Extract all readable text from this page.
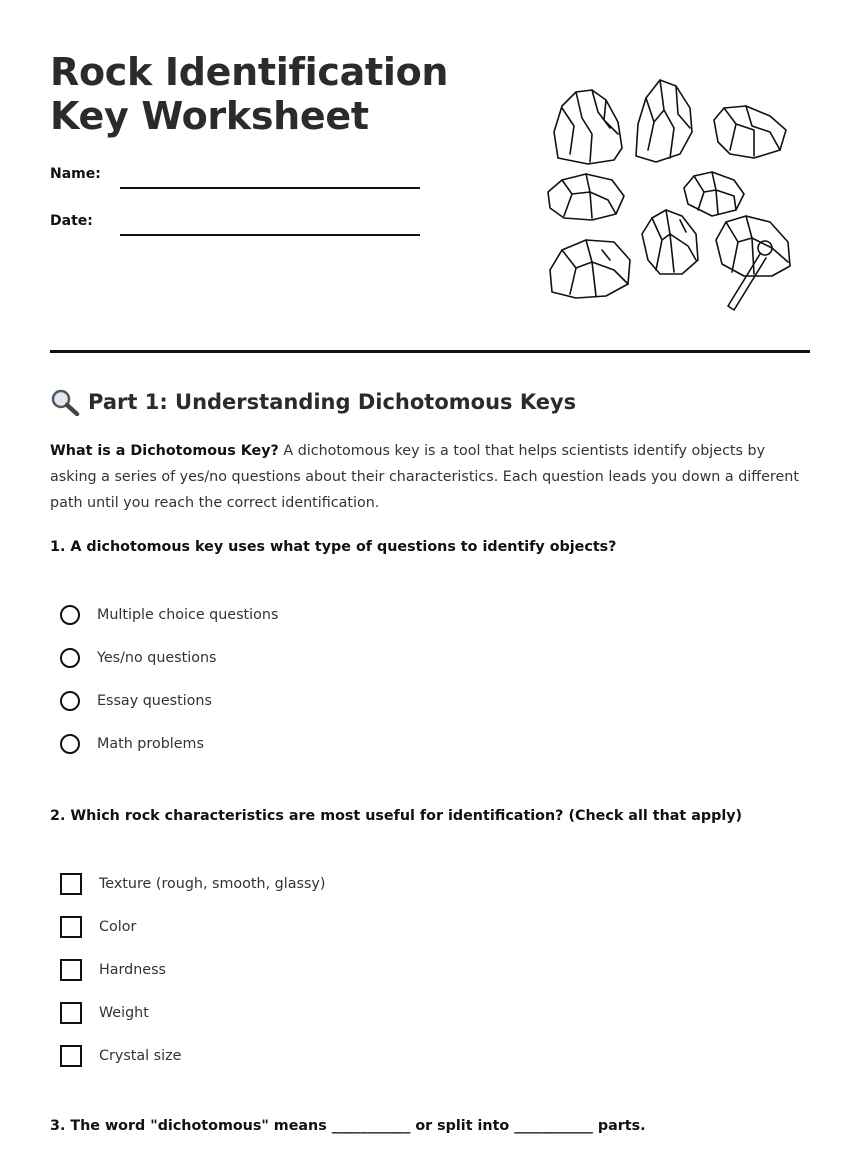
Rock Identification Key Worksheet
Name:
Date:
Part 1: Understanding Dichotomous Keys

What is a Dichotomous Key? A dichotomous key is a tool that helps scientists identify objects by asking a series of yes/no questions about their characteristics. Each question leads you down a different path until you reach the correct identification.

1. A dichotomous key uses what type of questions to identify objects?

Multiple choice questions
Yes/no questions
Essay questions
Math problems

2. Which rock characteristics are most useful for identification? (Check all that apply)

Texture (rough, smooth, glassy)
Color
Hardness
Weight
Crystal size
3. The word "dichotomous" means ___________ or split into ___________ parts.
